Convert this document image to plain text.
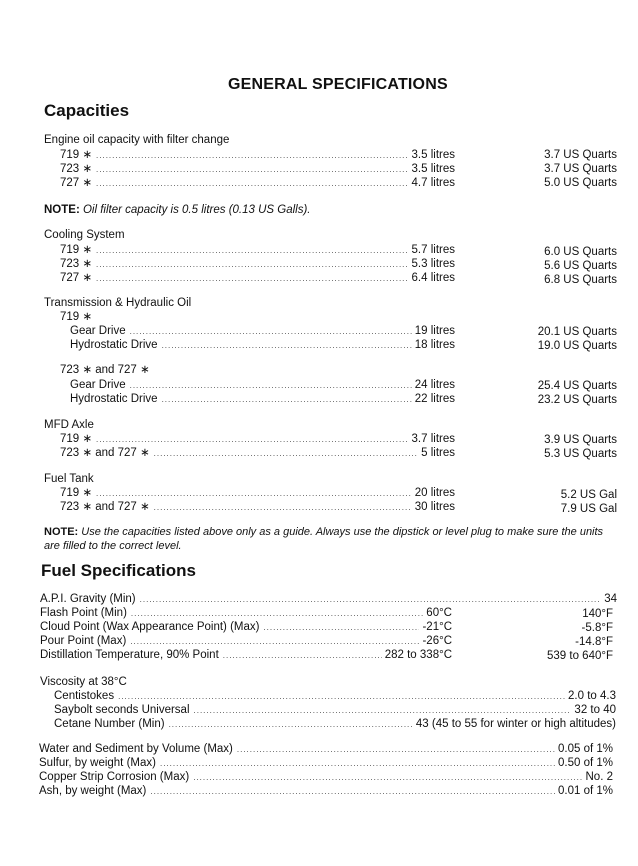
GENERAL SPECIFICATIONS
Capacities
Engine oil capacity with filter change
719 ∗ .....	3.5 litres	3.7 US Quarts
723 ∗ .....	3.5 litres	3.7 US Quarts
727 ∗ .....	4.7 litres	5.0 US Quarts
NOTE: Oil filter capacity is 0.5 litres (0.13 US Galls).
Cooling System
719 ∗ .....	5.7 litres	6.0 US Quarts
723 ∗ .....	5.3 litres	5.6 US Quarts
727 ∗ .....	6.4 litres	6.8 US Quarts
Transmission & Hydraulic Oil
719 ∗
Gear Drive .....	19 litres	20.1 US Quarts
Hydrostatic Drive .....	18 litres	19.0 US Quarts
723 ∗ and 727 ∗
Gear Drive .....	24 litres	25.4 US Quarts
Hydrostatic Drive .....	22 litres	23.2 US Quarts
MFD Axle
719 ∗ .....	3.7 litres	3.9 US Quarts
723 ∗ and 727 ∗ .....	5 litres	5.3 US Quarts
Fuel Tank
719 ∗ .....	20 litres	5.2 US Gal
723 ∗ and 727 ∗ .....	30 litres	7.9 US Gal
NOTE: Use the capacities listed above only as a guide. Always use the dipstick or level plug to make sure the units are filled to the correct level.
Fuel Specifications
A.P.I. Gravity (Min) .....	34
Flash Point (Min) .....	60°C	140°F
Cloud Point (Wax Appearance Point) (Max) .....	-21°C	-5.8°F
Pour Point (Max) .....	-26°C	-14.8°F
Distillation Temperature, 90% Point .....	282 to 338°C	539 to 640°F
Viscosity at 38°C
Centistokes .....	2.0 to 4.3
Saybolt seconds Universal .....	32 to 40
Cetane Number (Min) .....	43 (45 to 55 for winter or high altitudes)
Water and Sediment by Volume (Max) .....	0.05 of 1%
Sulfur, by weight (Max) .....	0.50 of 1%
Copper Strip Corrosion (Max) .....	No. 2
Ash, by weight (Max) .....	0.01 of 1%
